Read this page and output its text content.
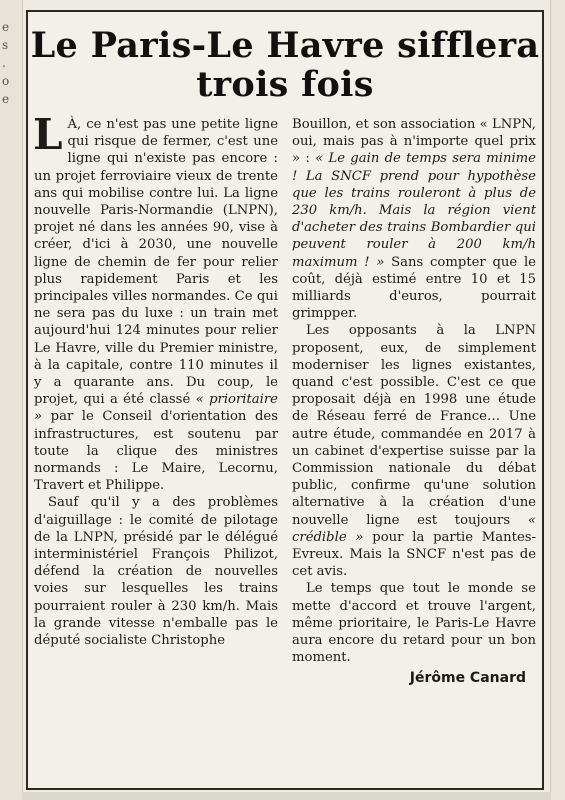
e
s
.
o
e
Le Paris-Le Havre sifflera trois fois

L À, ce n'est pas une petite ligne qui risque de fermer, c'est une ligne qui n'existe pas encore : un projet ferroviaire vieux de trente ans qui mobilise contre lui. La ligne nouvelle Paris-Normandie (LNPN), projet né dans les années 90, vise à créer, d'ici à 2030, une nouvelle ligne de chemin de fer pour relier plus rapidement Paris et les principales villes normandes. Ce qui ne sera pas du luxe : un train met aujourd'hui 124 minutes pour relier Le Havre, ville du Premier ministre, à la capitale, contre 110 minutes il y a quarante ans. Du coup, le projet, qui a été classé « prioritaire » par le Conseil d'orientation des infrastructures, est soutenu par toute la clique des ministres normands : Le Maire, Lecornu, Travert et Philippe.

Sauf qu'il y a des problèmes d'aiguillage : le comité de pilotage de la LNPN, présidé par le délégué interministériel François Philizot, défend la création de nouvelles voies sur lesquelles les trains pourraient rouler à 230 km/h. Mais la grande vitesse n'emballe pas le député socialiste Christophe

Bouillon, et son association « LNPN, oui, mais pas à n'importe quel prix » : « Le gain de temps sera minime ! La SNCF prend pour hypothèse que les trains rouleront à plus de 230 km/h. Mais la région vient d'acheter des trains Bombardier qui peuvent rouler à 200 km/h maximum ! » Sans compter que le coût, déjà estimé entre 10 et 15 milliards d'euros, pourrait grimpper.

Les opposants à la LNPN proposent, eux, de simplement moderniser les lignes existantes, quand c'est possible. C'est ce que proposait déjà en 1998 une étude de Réseau ferré de France… Une autre étude, commandée en 2017 à un cabinet d'expertise suisse par la Commission nationale du débat public, confirme qu'une solution alternative à la création d'une nouvelle ligne est toujours « crédible » pour la partie Mantes-Evreux. Mais la SNCF n'est pas de cet avis.

Le temps que tout le monde se mette d'accord et trouve l'argent, même prioritaire, le Paris-Le Havre aura encore du retard pour un bon moment.

Jérôme Canard
